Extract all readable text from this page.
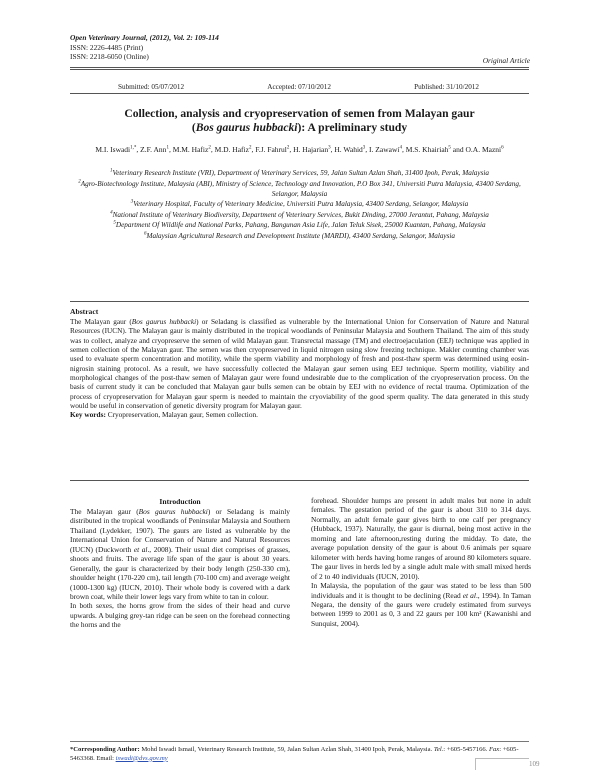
Open Veterinary Journal, (2012), Vol. 2: 109-114
ISSN: 2226-4485 (Print)
ISSN: 2218-6050 (Online)	Original Article
Submitted: 05/07/2012	Accepted: 07/10/2012	Published: 31/10/2012
Collection, analysis and cryopreservation of semen from Malayan gaur
(Bos gaurus hubbacki): A preliminary study
M.I. Iswadi$^{1,*}$, Z.F. Ann$^1$, M.M. Hafiz$^2$, M.D. Hafiz$^2$, F.J. Fahrul$^2$, H. Hajarian$^3$, H. Wahid$^3$, I. Zawawi$^4$, M.S. Khairiah$^5$ and O.A. Mazni$^6$
$^1$Veterinary Research Institute (VRI), Department of Veterinary Services, 59, Jalan Sultan Azlan Shah, 31400 Ipoh, Perak, Malaysia
$^2$Agro-Biotechnology Institute, Malaysia (ABI), Ministry of Science, Technology and Innovation, P.O Box 341, Universiti Putra Malaysia, 43400 Serdang, Selangor, Malaysia
$^3$Veterinary Hospital, Faculty of Veterinary Medicine, Universiti Putra Malaysia, 43400 Serdang, Selangor, Malaysia
$^4$National Institute of Veterinary Biodiversity, Department of Veterinary Services, Bukit Dinding, 27000 Jerantut, Pahang, Malaysia
$^5$Department Of Wildlife and National Parks, Pahang, Bangunan Asia Life, Jalan Teluk Sisek, 25000 Kuantan, Pahang, Malaysia
$^6$Malaysian Agricultural Research and Development Institute (MARDI), 43400 Serdang, Selangor, Malaysia
Abstract

The Malayan gaur (Bos gaurus hubbacki) or Seladang is classified as vulnerable by the International Union for Conservation of Nature and Natural Resources (IUCN). The Malayan gaur is mainly distributed in the tropical woodlands of Peninsular Malaysia and Southern Thailand. The aim of this study was to collect, analyze and cryopreserve the semen of wild Malayan gaur. Transrectal massage (TM) and electroejaculation (EEJ) technique was applied in semen collection of the Malayan gaur. The semen was then cryopreserved in liquid nitrogen using slow freezing technique. Makler counting chamber was used to evaluate sperm concentration and motility, while the sperm viability and morphology of fresh and post-thaw sperm was determined using eosin-nigrosin staining protocol. As a result, we have successfully collected the Malayan gaur semen using EEJ technique. Sperm motility, viability and morphological changes of the post-thaw semen of Malayan gaur were found undesirable due to the complication of the cryopreservation process. On the basis of current study it can be concluded that Malayan gaur bulls semen can be obtain by EEJ with no evidence of rectal trauma. Optimization of the process of cryopreservation for Malayan gaur sperm is needed to maintain the cryoviability of the good sperm quality. The data generated in this study would be useful in conservation of genetic diversity program for Malayan gaur.

Key words: Cryopreservation, Malayan gaur, Semen collection.

Introduction

The Malayan gaur (Bos gaurus hubbacki) or Seladang is mainly distributed in the tropical woodlands of Peninsular Malaysia and Southern Thailand (Lydekker, 1907). The gaurs are listed as vulnerable by the International Union for Conservation of Nature and Natural Resources (IUCN) (Duckworth et al., 2008). Their usual diet comprises of grasses, shoots and fruits. The average life span of the gaur is about 30 years. Generally, the gaur is characterized by their body length (250-330 cm), shoulder height (170-220 cm), tail length (70-100 cm) and average weight (1000-1300 kg) (IUCN, 2010). Their whole body is covered with a dark brown coat, while their lower legs vary from white to tan in colour.

In both sexes, the horns grow from the sides of their head and curve upwards. A bulging grey-tan ridge can be seen on the forehead connecting the horns and the

forehead. Shoulder humps are present in adult males but none in adult females. The gestation period of the gaur is about 310 to 314 days. Normally, an adult female gaur gives birth to one calf per pregnancy (Hubback, 1937). Naturally, the gaur is diurnal, being most active in the morning and late afternoon,resting during the midday. To date, the average population density of the gaur is about 0.6 animals per square kilometer with herds having home ranges of around 80 kilometers square. The gaur lives in herds led by a single adult male with small mixed herds of 2 to 40 individuals (IUCN, 2010).

In Malaysia, the population of the gaur was stated to be less than 500 individuals and it is thought to be declining (Read et al., 1994). In Taman Negara, the density of the gaurs were crudely estimated from surveys between 1999 to 2001 as 0, 3 and 22 gaurs per 100 km² (Kawanishi and Sunquist, 2004).

*Corresponding Author: Mohd Iswadi Ismail, Veterinary Research Institute, 59, Jalan Sultan Azlan Shah, 31400 Ipoh, Perak, Malaysia. Tel.: +605-5457166. Fax: +605-5463368. Email: iswadi@dvs.gov.my
109
